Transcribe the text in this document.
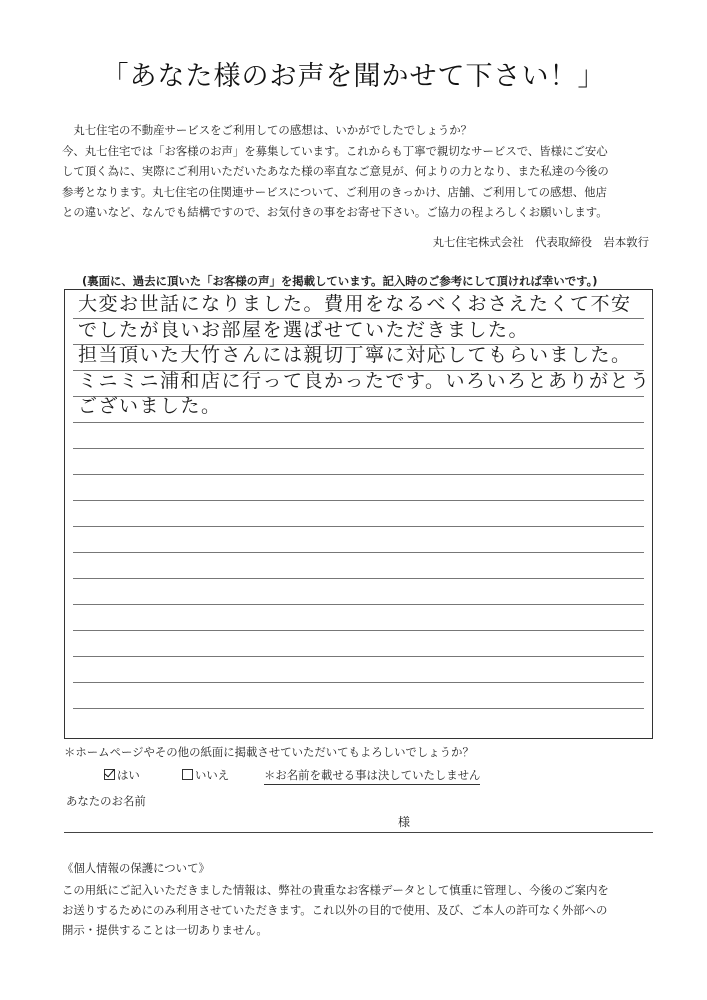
「あなた様のお声を聞かせて下さい！」

丸七住宅の不動産サービスをご利用しての感想は、いかがでしたでしょうか？

今、丸七住宅では「お客様のお声」を募集しています。これからも丁寧で親切なサービスで、皆様にご安心

して頂く為に、実際にご利用いただいたあなた様の率直なご意見が、何よりの力となり、また私達の今後の

参考となります。丸七住宅の住関連サービスについて、ご利用のきっかけ、店舗、ご利用しての感想、他店

との違いなど、なんでも結構ですので、お気付きの事をお寄せ下さい。ご協力の程よろしくお願いします。

丸七住宅株式会社　代表取締役　岩本敦行
(裏面に、過去に頂いた「お客様の声」を掲載しています。記入時のご参考にして頂ければ幸いです。)

大変お世話になりました。費用をなるべくおさえたくて不安

でしたが良いお部屋を選ばせていただきました。

担当頂いた大竹さんには親切丁寧に対応してもらいました。

ミニミニ浦和店に行って良かったです。いろいろとありがとう

ございました。

＊ホームページやその他の紙面に掲載させていただいてもよろしいでしょうか？
はい	いいえ	＊お名前を載せる事は決していたしません
あなたのお名前
様
《個人情報の保護について》

この用紙にご記入いただきました情報は、弊社の貴重なお客様データとして慎重に管理し、今後のご案内を

お送りするためにのみ利用させていただきます。これ以外の目的で使用、及び、ご本人の許可なく外部への

開示・提供することは一切ありません。
